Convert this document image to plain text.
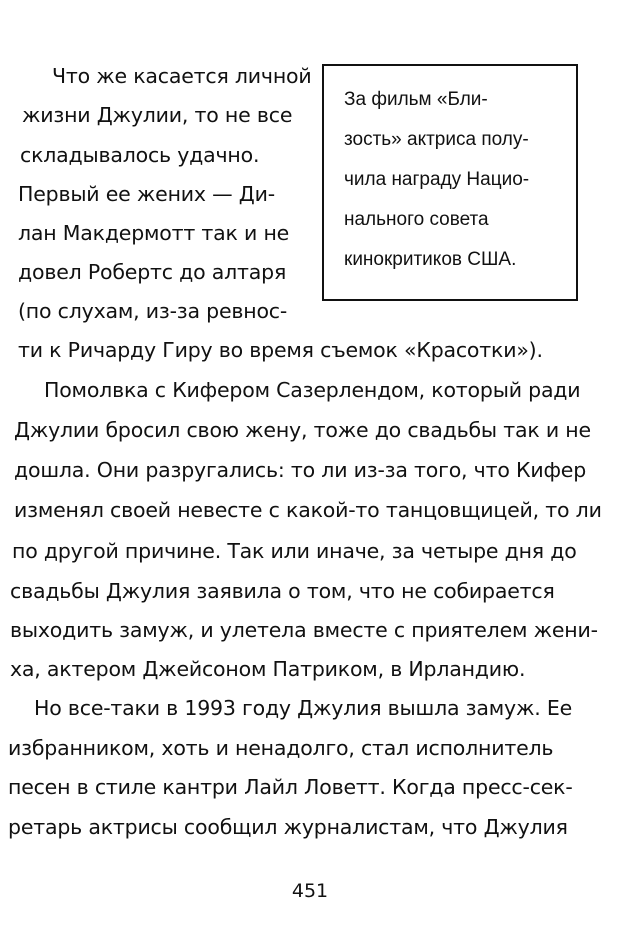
За фильм «Бли-
зость» актриса полу-
чила награду Нацио-
нального совета
кинокритиков США.
Что же касается личной
жизни Джулии, то не все
складывалось удачно.
Первый ее жених — Ди-
лан Макдермотт так и не
довел Робертс до алтаря
(по слухам, из-за ревнос-
ти к Ричарду Гиру во время съемок «Красотки»).
Помолвка с Кифером Сазерлендом, который ради
Джулии бросил свою жену, тоже до свадьбы так и не
дошла. Они разругались: то ли из-за того, что Кифер
изменял своей невесте с какой-то танцовщицей, то ли
по другой причине. Так или иначе, за четыре дня до
свадьбы Джулия заявила о том, что не собирается
выходить замуж, и улетела вместе с приятелем жени-
ха, актером Джейсоном Патриком, в Ирландию.
Но все-таки в 1993 году Джулия вышла замуж. Ее
избранником, хоть и ненадолго, стал исполнитель
песен в стиле кантри Лайл Ловетт. Когда пресс-сек-
ретарь актрисы сообщил журналистам, что Джулия
451
